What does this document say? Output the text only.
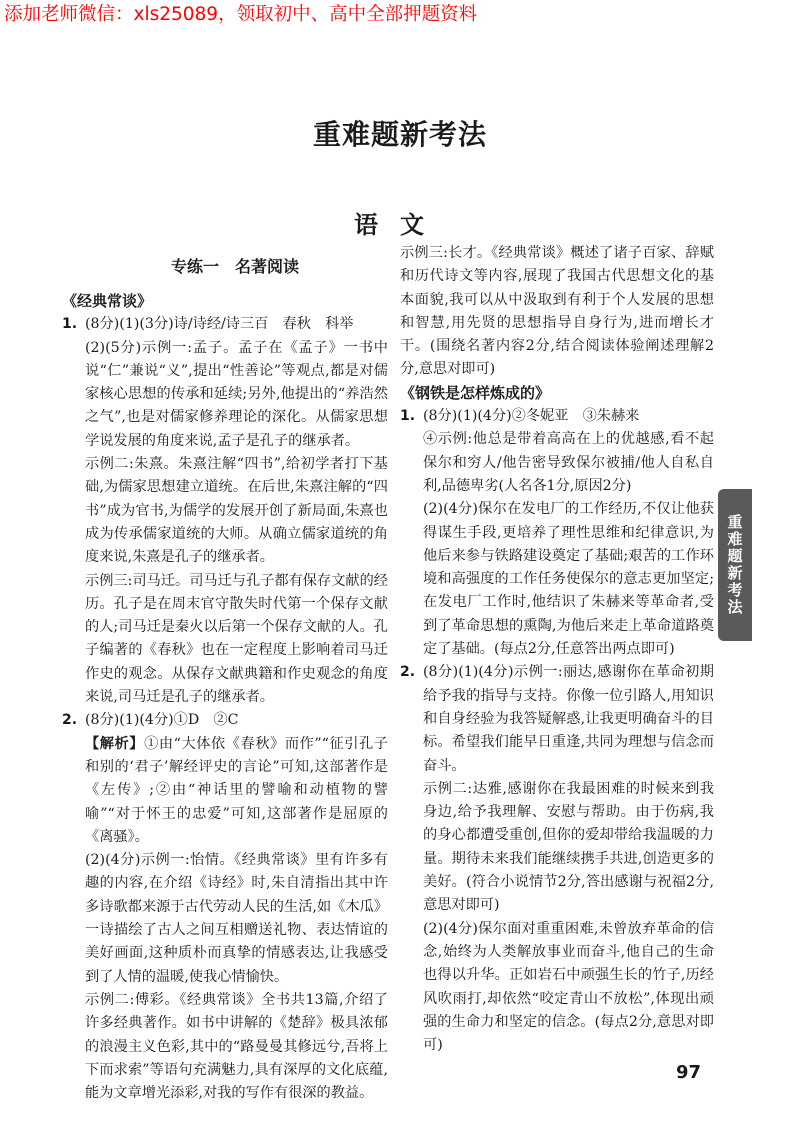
添加老师微信：xls25089，领取初中、高中全部押题资料
重难题新考法
语文
专练一　名著阅读

《经典常谈》

1. (8分)(1)(3分)诗/诗经/诗三百　春秋　科举

(2)(5分)示例一:孟子。孟子在《孟子》一书中说“仁”兼说“义”,提出“性善论”等观点,都是对儒家核心思想的传承和延续;另外,他提出的“养浩然之气”,也是对儒家修养理论的深化。从儒家思想学说发展的角度来说,孟子是孔子的继承者。

示例二:朱熹。朱熹注解“四书”,给初学者打下基础,为儒家思想建立道统。在后世,朱熹注解的“四书”成为官书,为儒学的发展开创了新局面,朱熹也成为传承儒家道统的大师。从确立儒家道统的角度来说,朱熹是孔子的继承者。

示例三:司马迁。司马迁与孔子都有保存文献的经历。孔子是在周末官守散失时代第一个保存文献的人;司马迁是秦火以后第一个保存文献的人。孔子编著的《春秋》也在一定程度上影响着司马迁作史的观念。从保存文献典籍和作史观念的角度来说,司马迁是孔子的继承者。

2. (8分)(1)(4分)①D　②C

【解析】①由“大体依《春秋》而作”“征引孔子和别的‘君子’解经评史的言论”可知,这部著作是《左传》;②由“神话里的譬喻和动植物的譬喻”“对于怀王的忠爱”可知,这部著作是屈原的《离骚》。

(2)(4分)示例一:怡情。《经典常谈》里有许多有趣的内容,在介绍《诗经》时,朱自清指出其中许多诗歌都来源于古代劳动人民的生活,如《木瓜》一诗描绘了古人之间互相赠送礼物、表达情谊的美好画面,这种质朴而真挚的情感表达,让我感受到了人情的温暖,使我心情愉快。

示例二:傅彩。《经典常谈》全书共13篇,介绍了许多经典著作。如书中讲解的《楚辞》极具浓郁的浪漫主义色彩,其中的“路曼曼其修远兮,吾将上下而求索”等语句充满魅力,具有深厚的文化底蕴,能为文章增光添彩,对我的写作有很深的教益。

示例三:长才。《经典常谈》概述了诸子百家、辞赋和历代诗文等内容,展现了我国古代思想文化的基本面貌,我可以从中汲取到有利于个人发展的思想和智慧,用先贤的思想指导自身行为,进而增长才干。(围绕名著内容2分,结合阅读体验阐述理解2分,意思对即可)

《钢铁是怎样炼成的》

1. (8分)(1)(4分)②冬妮亚　③朱赫来

④示例:他总是带着高高在上的优越感,看不起保尔和穷人/他告密导致保尔被捕/他人自私自利,品德卑劣(人名各1分,原因2分)

(2)(4分)保尔在发电厂的工作经历,不仅让他获得谋生手段,更培养了理性思维和纪律意识,为他后来参与铁路建设奠定了基础;艰苦的工作环境和高强度的工作任务使保尔的意志更加坚定;在发电厂工作时,他结识了朱赫来等革命者,受到了革命思想的熏陶,为他后来走上革命道路奠定了基础。(每点2分,任意答出两点即可)

2. (8分)(1)(4分)示例一:丽达,感谢你在革命初期给予我的指导与支持。你像一位引路人,用知识和自身经验为我答疑解惑,让我更明确奋斗的目标。希望我们能早日重逢,共同为理想与信念而奋斗。

示例二:达雅,感谢你在我最困难的时候来到我身边,给予我理解、安慰与帮助。由于伤病,我的身心都遭受重创,但你的爱却带给我温暖的力量。期待未来我们能继续携手共进,创造更多的美好。(符合小说情节2分,答出感谢与祝福2分,意思对即可)

(2)(4分)保尔面对重重困难,未曾放弃革命的信念,始终为人类解放事业而奋斗,他自己的生命也得以升华。正如岩石中顽强生长的竹子,历经风吹雨打,却依然“咬定青山不放松”,体现出顽强的生命力和坚定的信念。(每点2分,意思对即可)

重难题新考法
97
